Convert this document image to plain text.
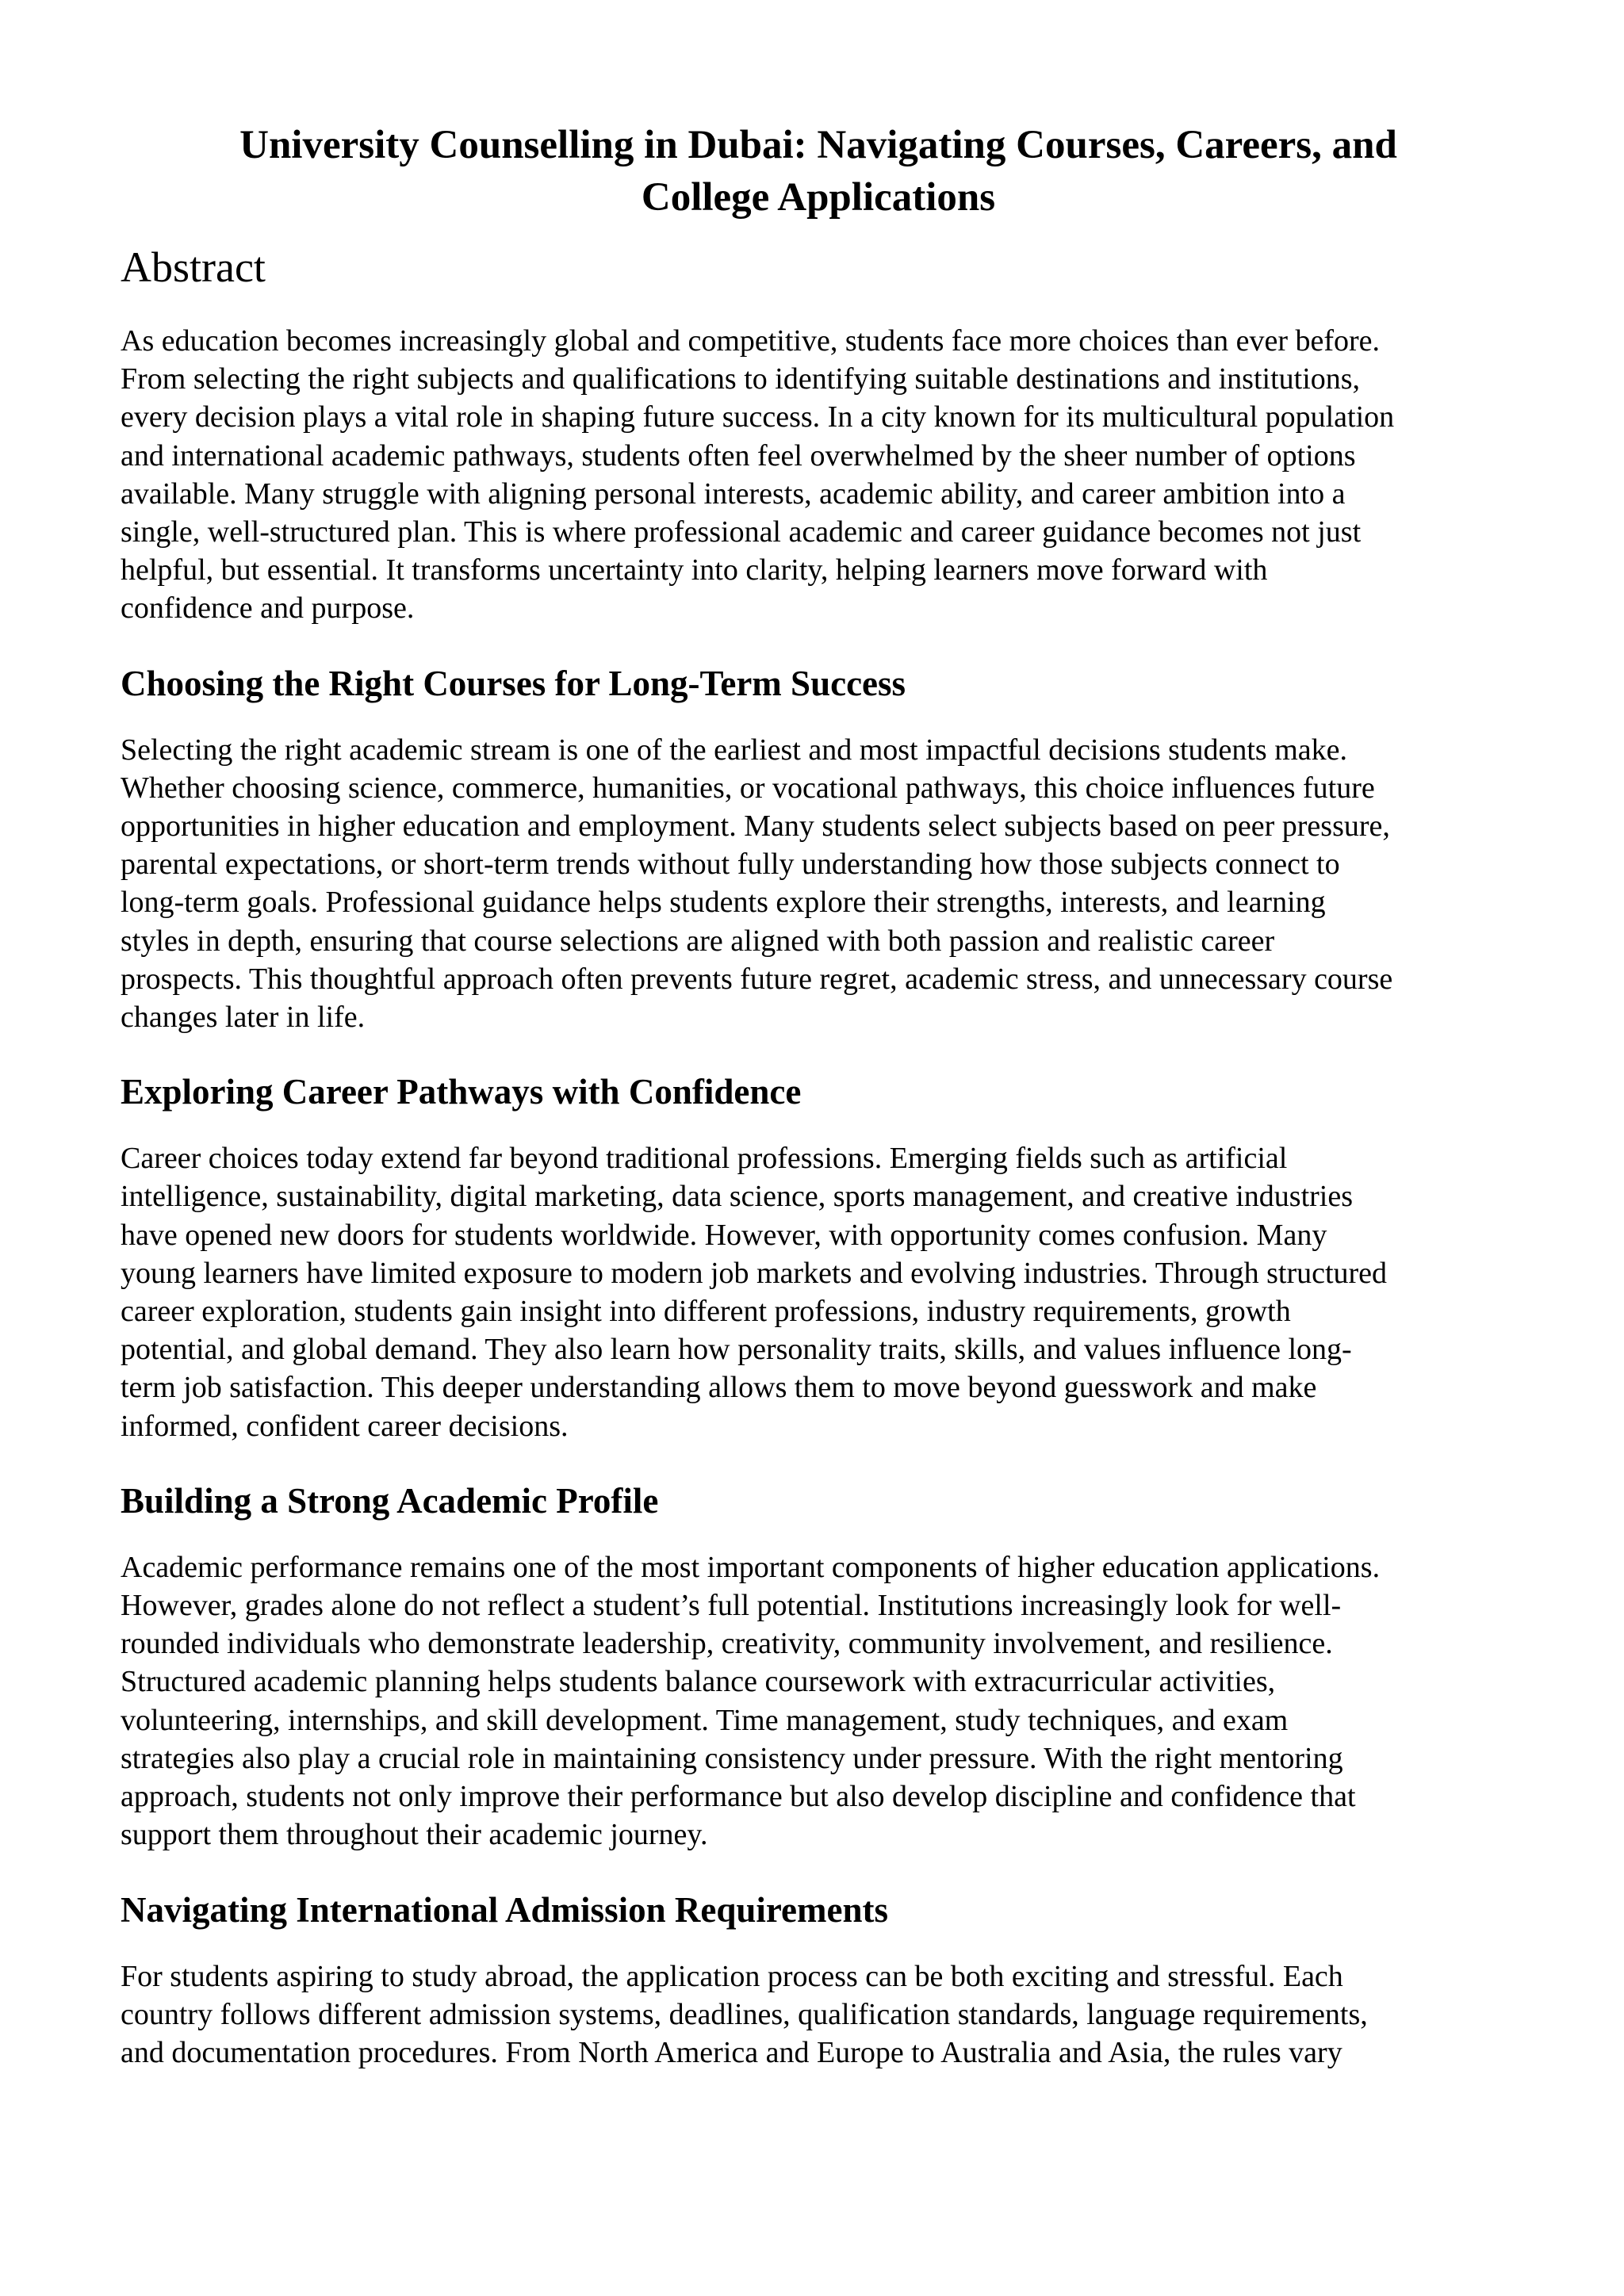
University Counselling in Dubai: Navigating Courses, Careers, and
College Applications
Abstract

As education becomes increasingly global and competitive, students face more choices than ever before.
From selecting the right subjects and qualifications to identifying suitable destinations and institutions,
every decision plays a vital role in shaping future success. In a city known for its multicultural population
and international academic pathways, students often feel overwhelmed by the sheer number of options
available. Many struggle with aligning personal interests, academic ability, and career ambition into a
single, well-structured plan. This is where professional academic and career guidance becomes not just
helpful, but essential. It transforms uncertainty into clarity, helping learners move forward with
confidence and purpose.

Choosing the Right Courses for Long-Term Success

Selecting the right academic stream is one of the earliest and most impactful decisions students make.
Whether choosing science, commerce, humanities, or vocational pathways, this choice influences future
opportunities in higher education and employment. Many students select subjects based on peer pressure,
parental expectations, or short-term trends without fully understanding how those subjects connect to
long-term goals. Professional guidance helps students explore their strengths, interests, and learning
styles in depth, ensuring that course selections are aligned with both passion and realistic career
prospects. This thoughtful approach often prevents future regret, academic stress, and unnecessary course
changes later in life.

Exploring Career Pathways with Confidence

Career choices today extend far beyond traditional professions. Emerging fields such as artificial
intelligence, sustainability, digital marketing, data science, sports management, and creative industries
have opened new doors for students worldwide. However, with opportunity comes confusion. Many
young learners have limited exposure to modern job markets and evolving industries. Through structured
career exploration, students gain insight into different professions, industry requirements, growth
potential, and global demand. They also learn how personality traits, skills, and values influence long-
term job satisfaction. This deeper understanding allows them to move beyond guesswork and make
informed, confident career decisions.

Building a Strong Academic Profile

Academic performance remains one of the most important components of higher education applications.
However, grades alone do not reflect a student’s full potential. Institutions increasingly look for well-
rounded individuals who demonstrate leadership, creativity, community involvement, and resilience.
Structured academic planning helps students balance coursework with extracurricular activities,
volunteering, internships, and skill development. Time management, study techniques, and exam
strategies also play a crucial role in maintaining consistency under pressure. With the right mentoring
approach, students not only improve their performance but also develop discipline and confidence that
support them throughout their academic journey.

Navigating International Admission Requirements

For students aspiring to study abroad, the application process can be both exciting and stressful. Each
country follows different admission systems, deadlines, qualification standards, language requirements,
and documentation procedures. From North America and Europe to Australia and Asia, the rules vary
